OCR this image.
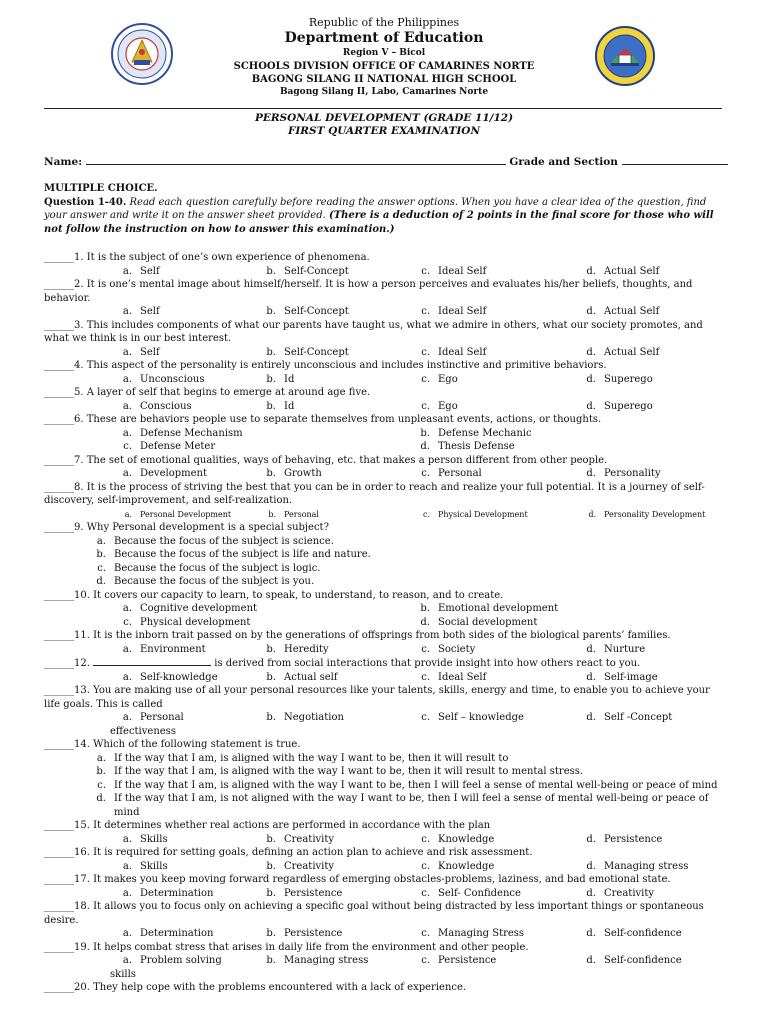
Republic of the Philippines
Department of Education
Region V – Bicol
SCHOOLS DIVISION OFFICE OF CAMARINES NORTE
BAGONG SILANG II NATIONAL HIGH SCHOOL
Bagong Silang II, Labo, Camarines Norte
PERSONAL DEVELOPMENT (GRADE 11/12)
FIRST QUARTER EXAMINATION
Name:	Grade and Section
MULTIPLE CHOICE.
Question 1-40. Read each question carefully before reading the answer options. When you have a clear idea of the question, find your answer and write it on the answer sheet provided. (There is a deduction of 2 points in the final score for those who will not follow the instruction on how to answer this examination.)
______1. It is the subject of one’s own experience of phenomena.
a. Self	b. Self-Concept	c. Ideal Self	d. Actual Self
______2. It is one’s mental image about himself/herself. It is how a person perceives and evaluates his/her beliefs, thoughts, and behavior.
a. Self	b. Self-Concept	c. Ideal Self	d. Actual Self
______3. This includes components of what our parents have taught us, what we admire in others, what our society promotes, and what we think is in our best interest.
a. Self	b. Self-Concept	c. Ideal Self	d. Actual Self
______4. This aspect of the personality is entirely unconscious and includes instinctive and primitive behaviors.
a. Unconscious	b. Id	c. Ego	d. Superego
______5. A layer of self that begins to emerge at around age five.
a. Conscious	b. Id	c. Ego	d. Superego
______6. These are behaviors people use to separate themselves from unpleasant events, actions, or thoughts.
a. Defense Mechanism	b. Defense Mechanic
c. Defense Meter	d. Thesis Defense
______7. The set of emotional qualities, ways of behaving, etc. that makes a person different from other people.
a. Development	b. Growth	c. Personal	d. Personality
______8. It is the process of striving the best that you can be in order to reach and realize your full potential. It is a journey of self-discovery, self-improvement, and self-realization.
a. Personal Development	b. Personal	c. Physical Development	d. Personality Development
______9. Why Personal development is a special subject?
a. Because the focus of the subject is science.
b. Because the focus of the subject is life and nature.
c. Because the focus of the subject is logic.
d. Because the focus of the subject is you.
______10. It covers our capacity to learn, to speak, to understand, to reason, and to create.
a. Cognitive development	b. Emotional development
c. Physical development	d. Social development
______11. It is the inborn trait passed on by the generations of offsprings from both sides of the biological parents’ families.
a. Environment	b. Heredity	c. Society	d. Nurture
______12.	is derived from social interactions that provide insight into how others react to you.
a. Self-knowledge	b. Actual self	c. Ideal Self	d. Self-image
______13. You are making use of all your personal resources like your talents, skills, energy and time, to enable you to achieve your life goals. This is called
a. Personal effectiveness
b. Negotiation	c. Self – knowledge	d. Self -Concept
______14. Which of the following statement is true.
a. If the way that I am, is aligned with the way I want to be, then it will result to
b. If the way that I am, is aligned with the way I want to be, then it will result to mental stress.
c. If the way that I am, is aligned with the way I want to be, then I will feel a sense of mental well-being or peace of mind
d. If the way that I am, is not aligned with the way I want to be, then I will feel a sense of mental well-being or peace of mind
______15. It determines whether real actions are performed in accordance with the plan
a. Skills	b. Creativity	c. Knowledge	d. Persistence
______16. It is required for setting goals, defining an action plan to achieve and risk assessment.
a. Skills	b. Creativity	c. Knowledge	d. Managing stress
______17. It makes you keep moving forward regardless of emerging obstacles-problems, laziness, and bad emotional state.
a. Determination	b. Persistence	c. Self- Confidence	d. Creativity
______18. It allows you to focus only on achieving a specific goal without being distracted by less important things or spontaneous desire.
a. Determination	b. Persistence	c. Managing Stress	d. Self-confidence
______19. It helps combat stress that arises in daily life from the environment and other people.
a. Problem solving skills
b. Managing stress	c. Persistence	d. Self-confidence
______20. They help cope with the problems encountered with a lack of experience.
